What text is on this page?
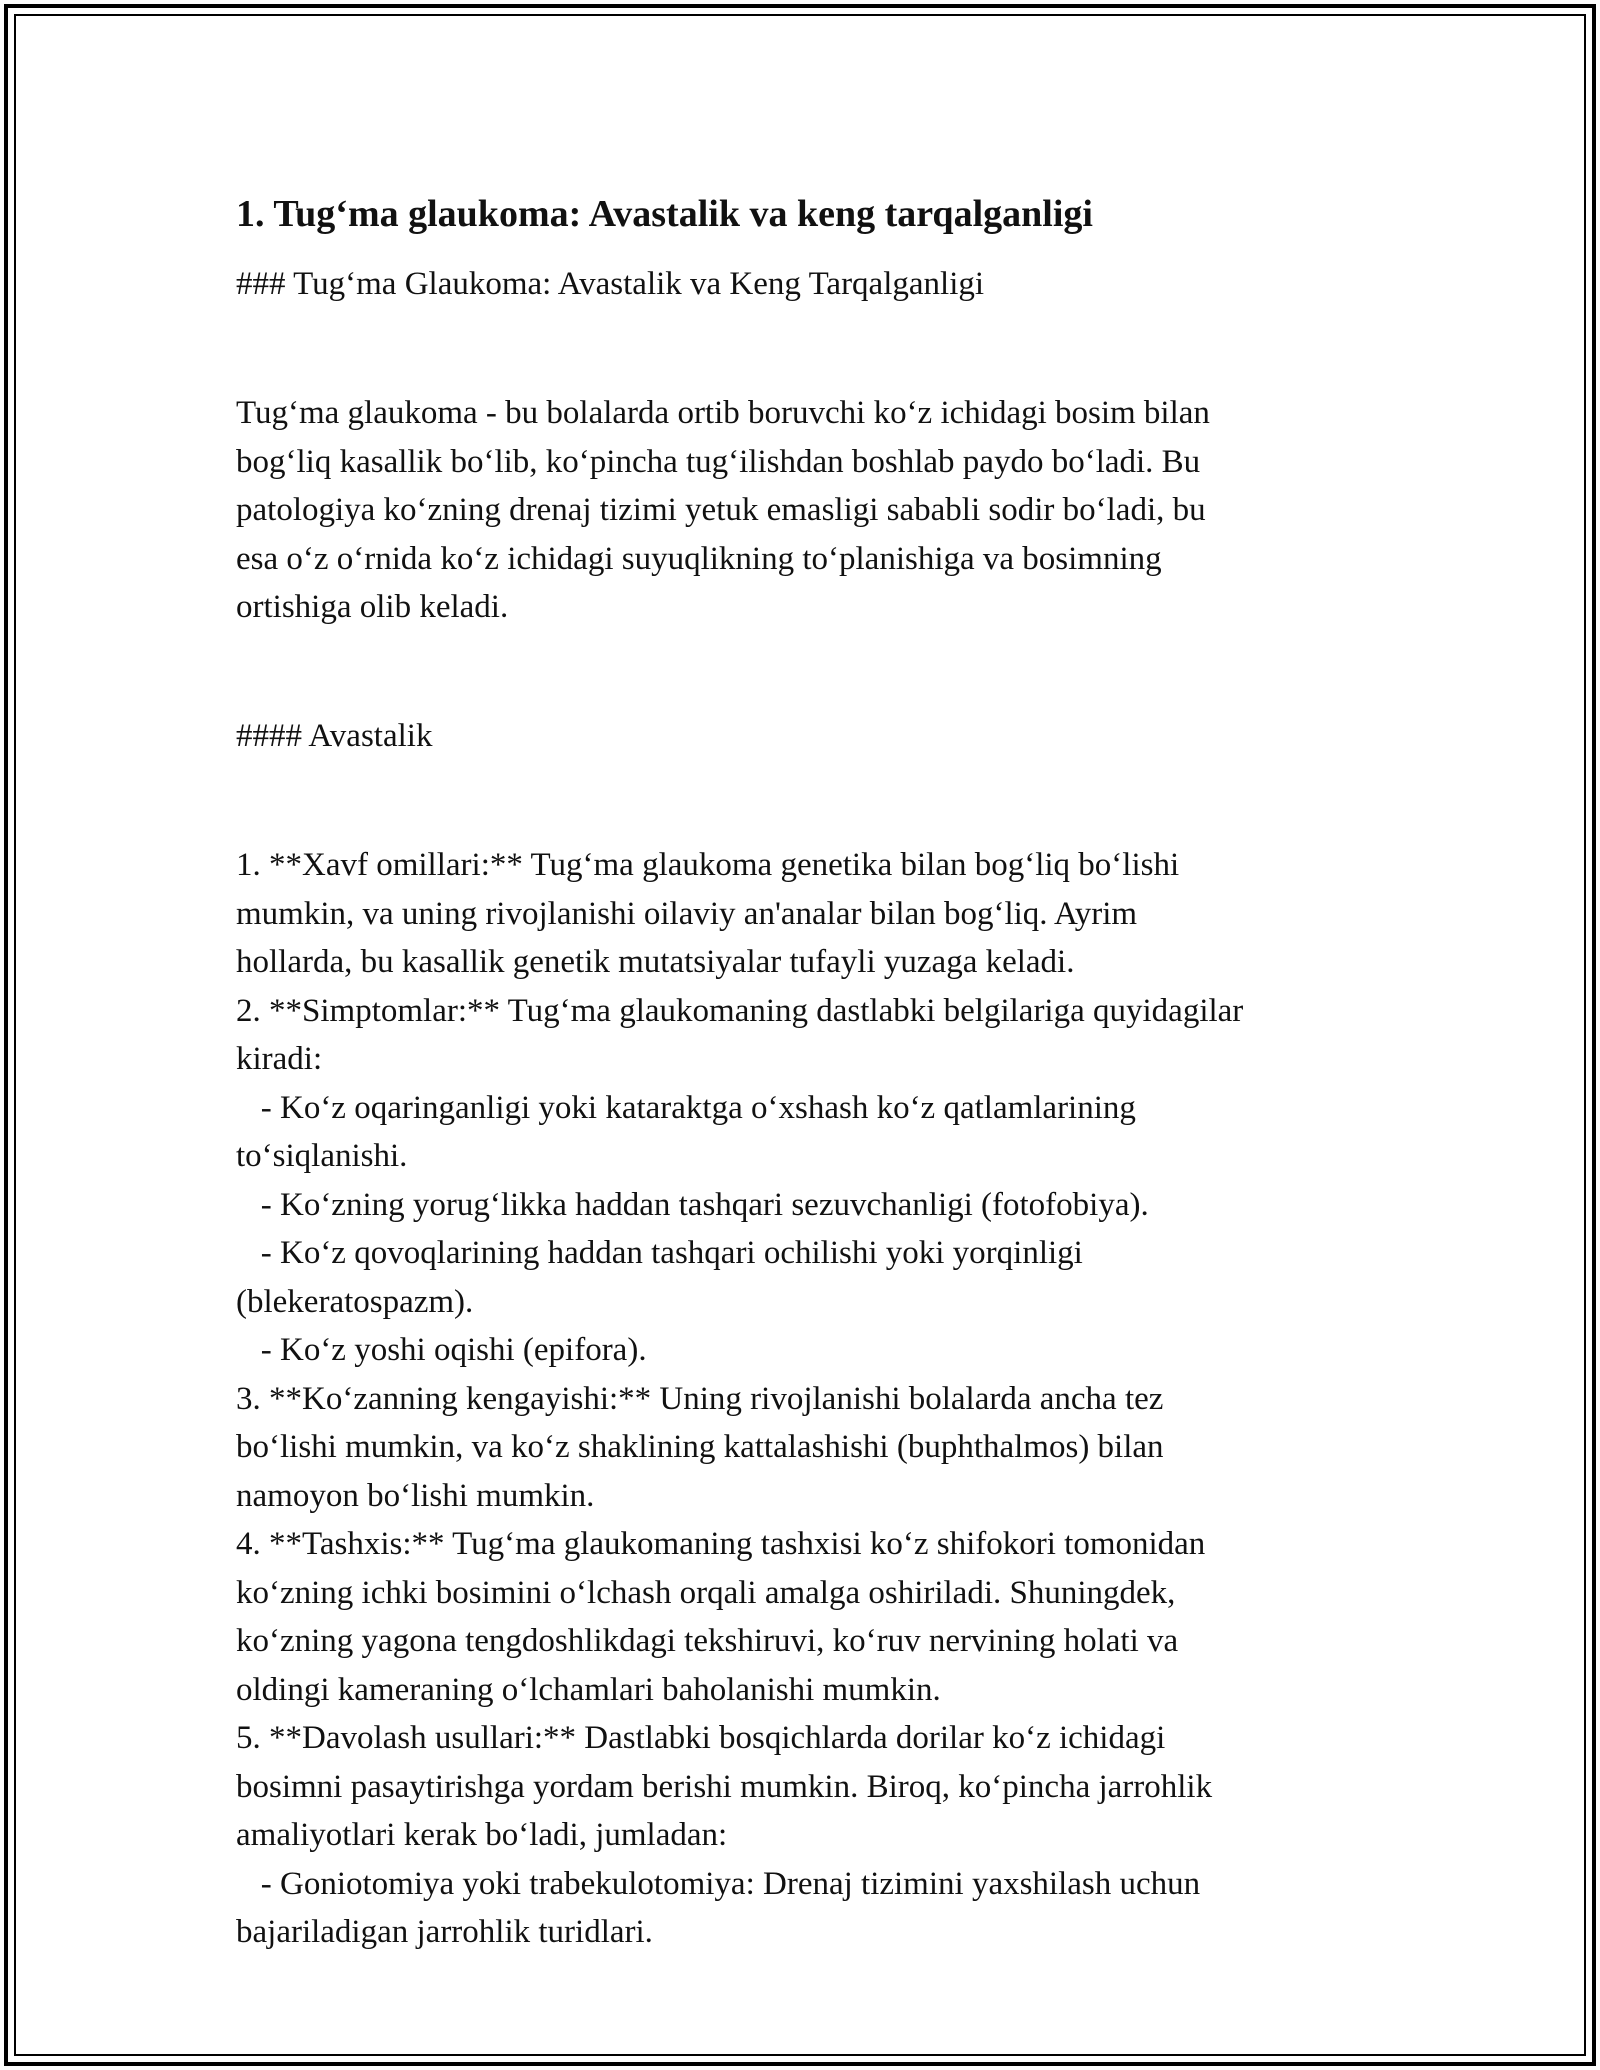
1. Tug‘ma glaukoma: Avastalik va keng tarqalganligi

### Tug‘ma Glaukoma: Avastalik va Keng Tarqalganligi

Tug‘ma glaukoma - bu bolalarda ortib boruvchi ko‘z ichidagi bosim bilan

bog‘liq kasallik bo‘lib, ko‘pincha tug‘ilishdan boshlab paydo bo‘ladi. Bu

patologiya ko‘zning drenaj tizimi yetuk emasligi sababli sodir bo‘ladi, bu

esa o‘z o‘rnida ko‘z ichidagi suyuqlikning to‘planishiga va bosimning

ortishiga olib keladi.

#### Avastalik

1. **Xavf omillari:** Tug‘ma glaukoma genetika bilan bog‘liq bo‘lishi

mumkin, va uning rivojlanishi oilaviy an'analar bilan bog‘liq. Ayrim

hollarda, bu kasallik genetik mutatsiyalar tufayli yuzaga keladi.

2. **Simptomlar:** Tug‘ma glaukomaning dastlabki belgilariga quyidagilar

kiradi:

- Ko‘z oqaringanligi yoki kataraktga o‘xshash ko‘z qatlamlarining

to‘siqlanishi.

- Ko‘zning yorug‘likka haddan tashqari sezuvchanligi (fotofobiya).

- Ko‘z qovoqlarining haddan tashqari ochilishi yoki yorqinligi

(blekeratospazm).

- Ko‘z yoshi oqishi (epifora).

3. **Ko‘zanning kengayishi:** Uning rivojlanishi bolalarda ancha tez

bo‘lishi mumkin, va ko‘z shaklining kattalashishi (buphthalmos) bilan

namoyon bo‘lishi mumkin.

4. **Tashxis:** Tug‘ma glaukomaning tashxisi ko‘z shifokori tomonidan

ko‘zning ichki bosimini o‘lchash orqali amalga oshiriladi. Shuningdek,

ko‘zning yagona tengdoshlikdagi tekshiruvi, ko‘ruv nervining holati va

oldingi kameraning o‘lchamlari baholanishi mumkin.

5. **Davolash usullari:** Dastlabki bosqichlarda dorilar ko‘z ichidagi

bosimni pasaytirishga yordam berishi mumkin. Biroq, ko‘pincha jarrohlik

amaliyotlari kerak bo‘ladi, jumladan:

- Goniotomiya yoki trabekulotomiya: Drenaj tizimini yaxshilash uchun

bajariladigan jarrohlik turidlari.
